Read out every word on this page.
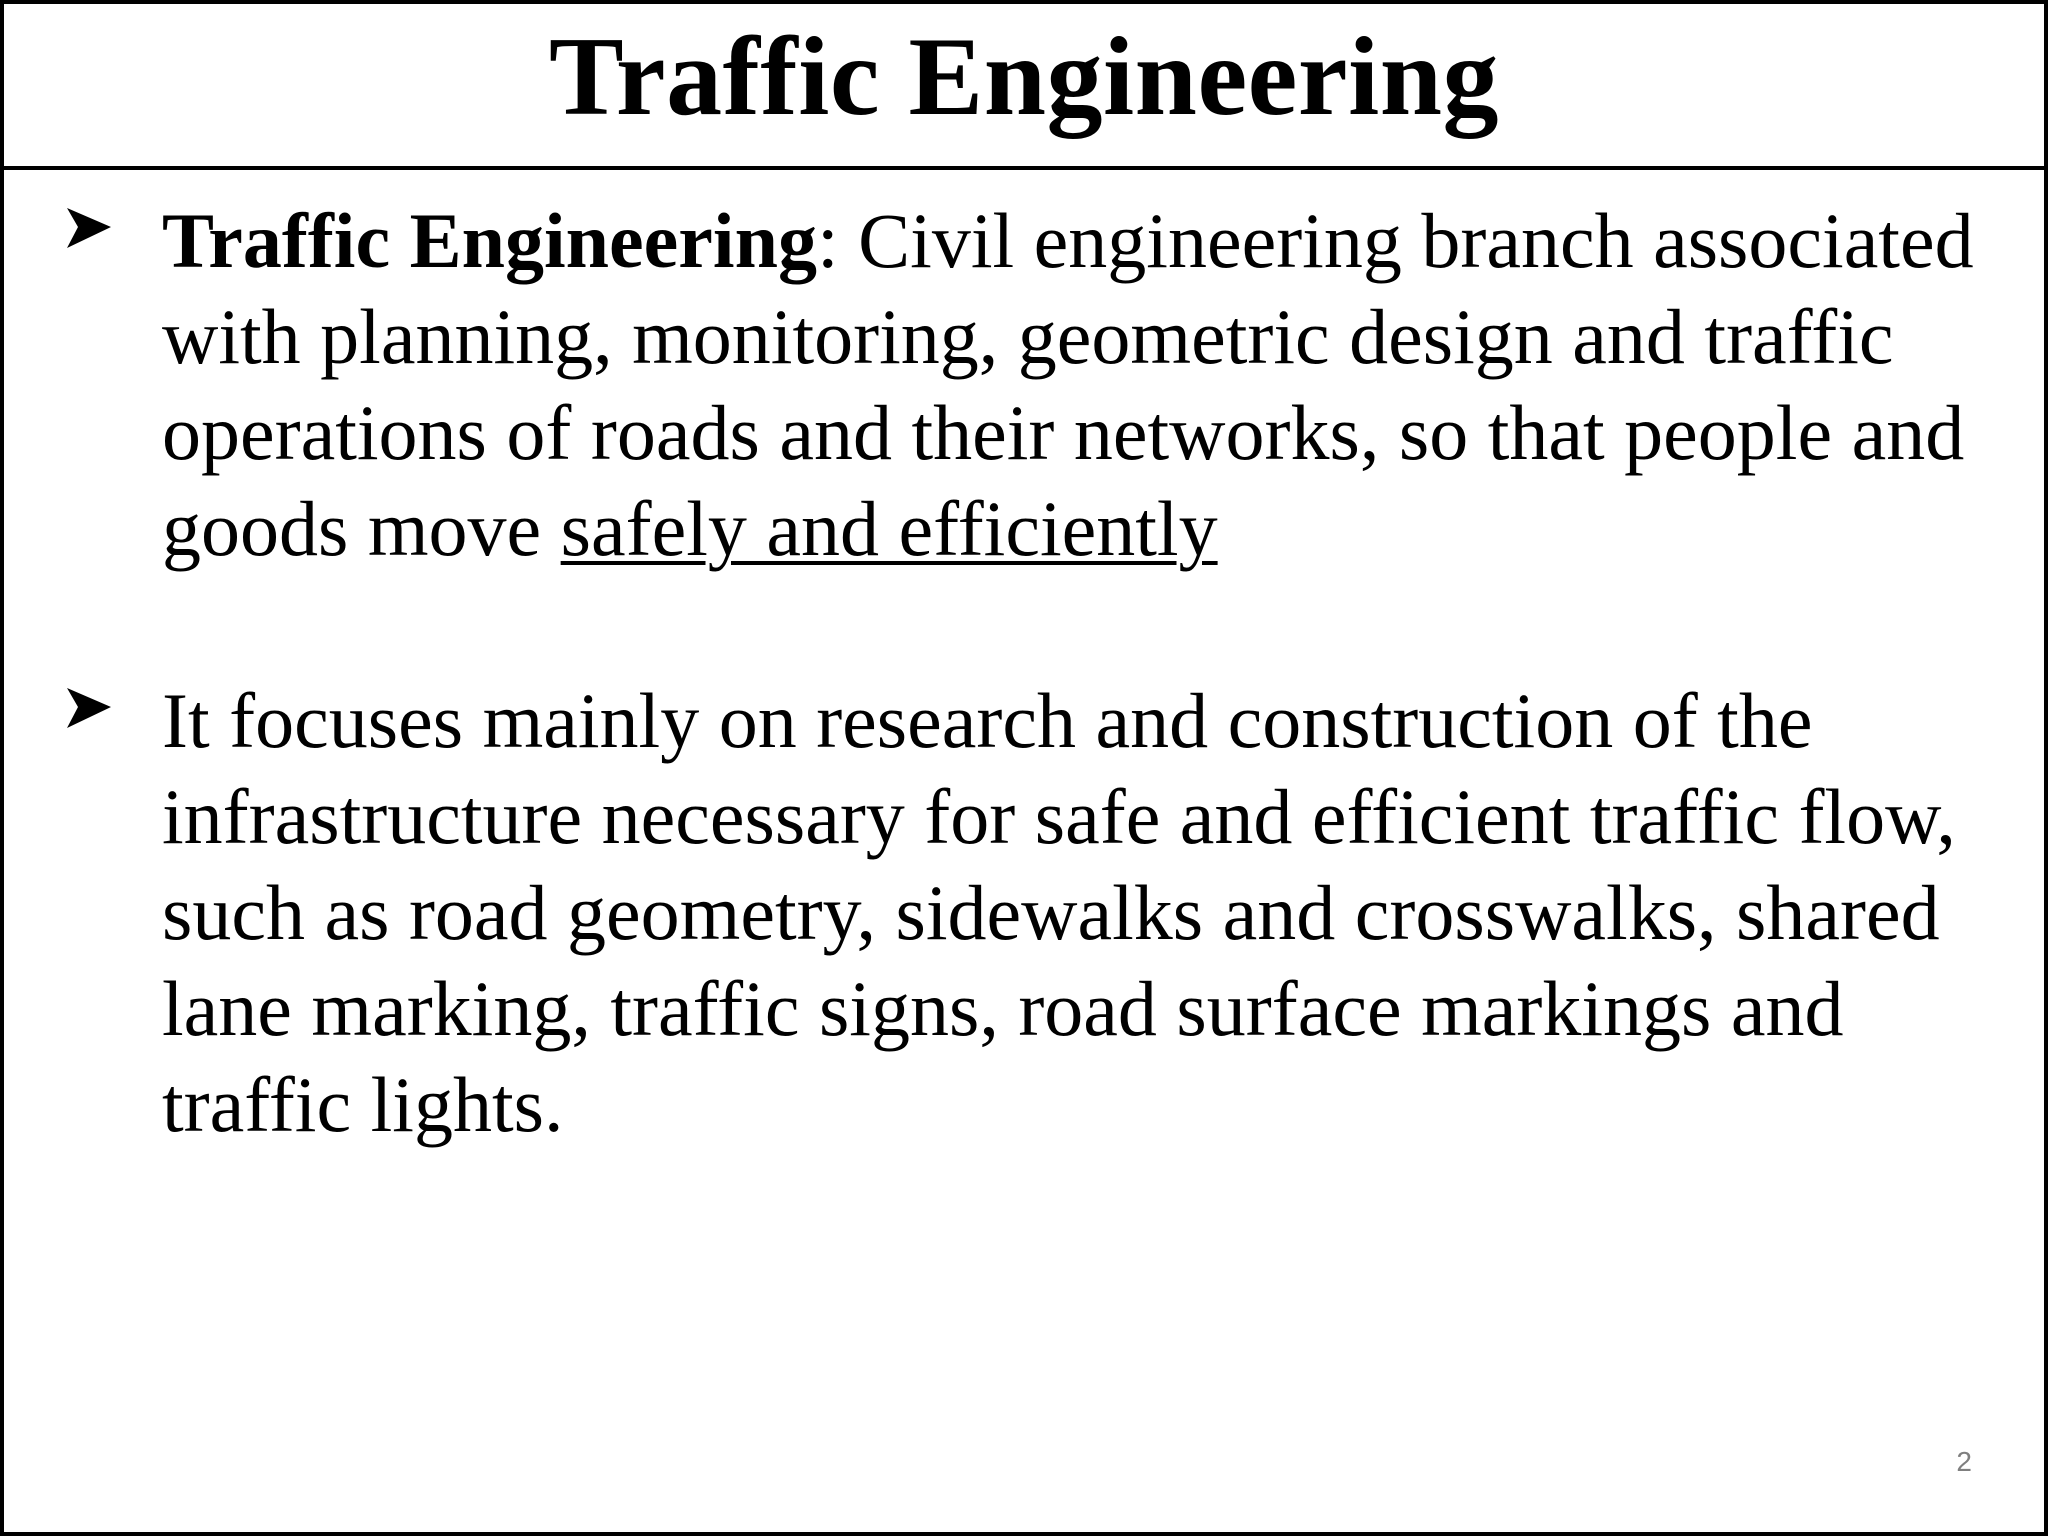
Traffic Engineering
Traffic Engineering: Civil engineering branch associated
with planning, monitoring, geometric design and traffic
operations of roads and their networks, so that people and
goods move safely and efficiently
It focuses mainly on research and construction of the
infrastructure necessary for safe and efficient traffic flow,
such as road geometry, sidewalks and crosswalks, shared
lane marking, traffic signs, road surface markings and
traffic lights.
2
